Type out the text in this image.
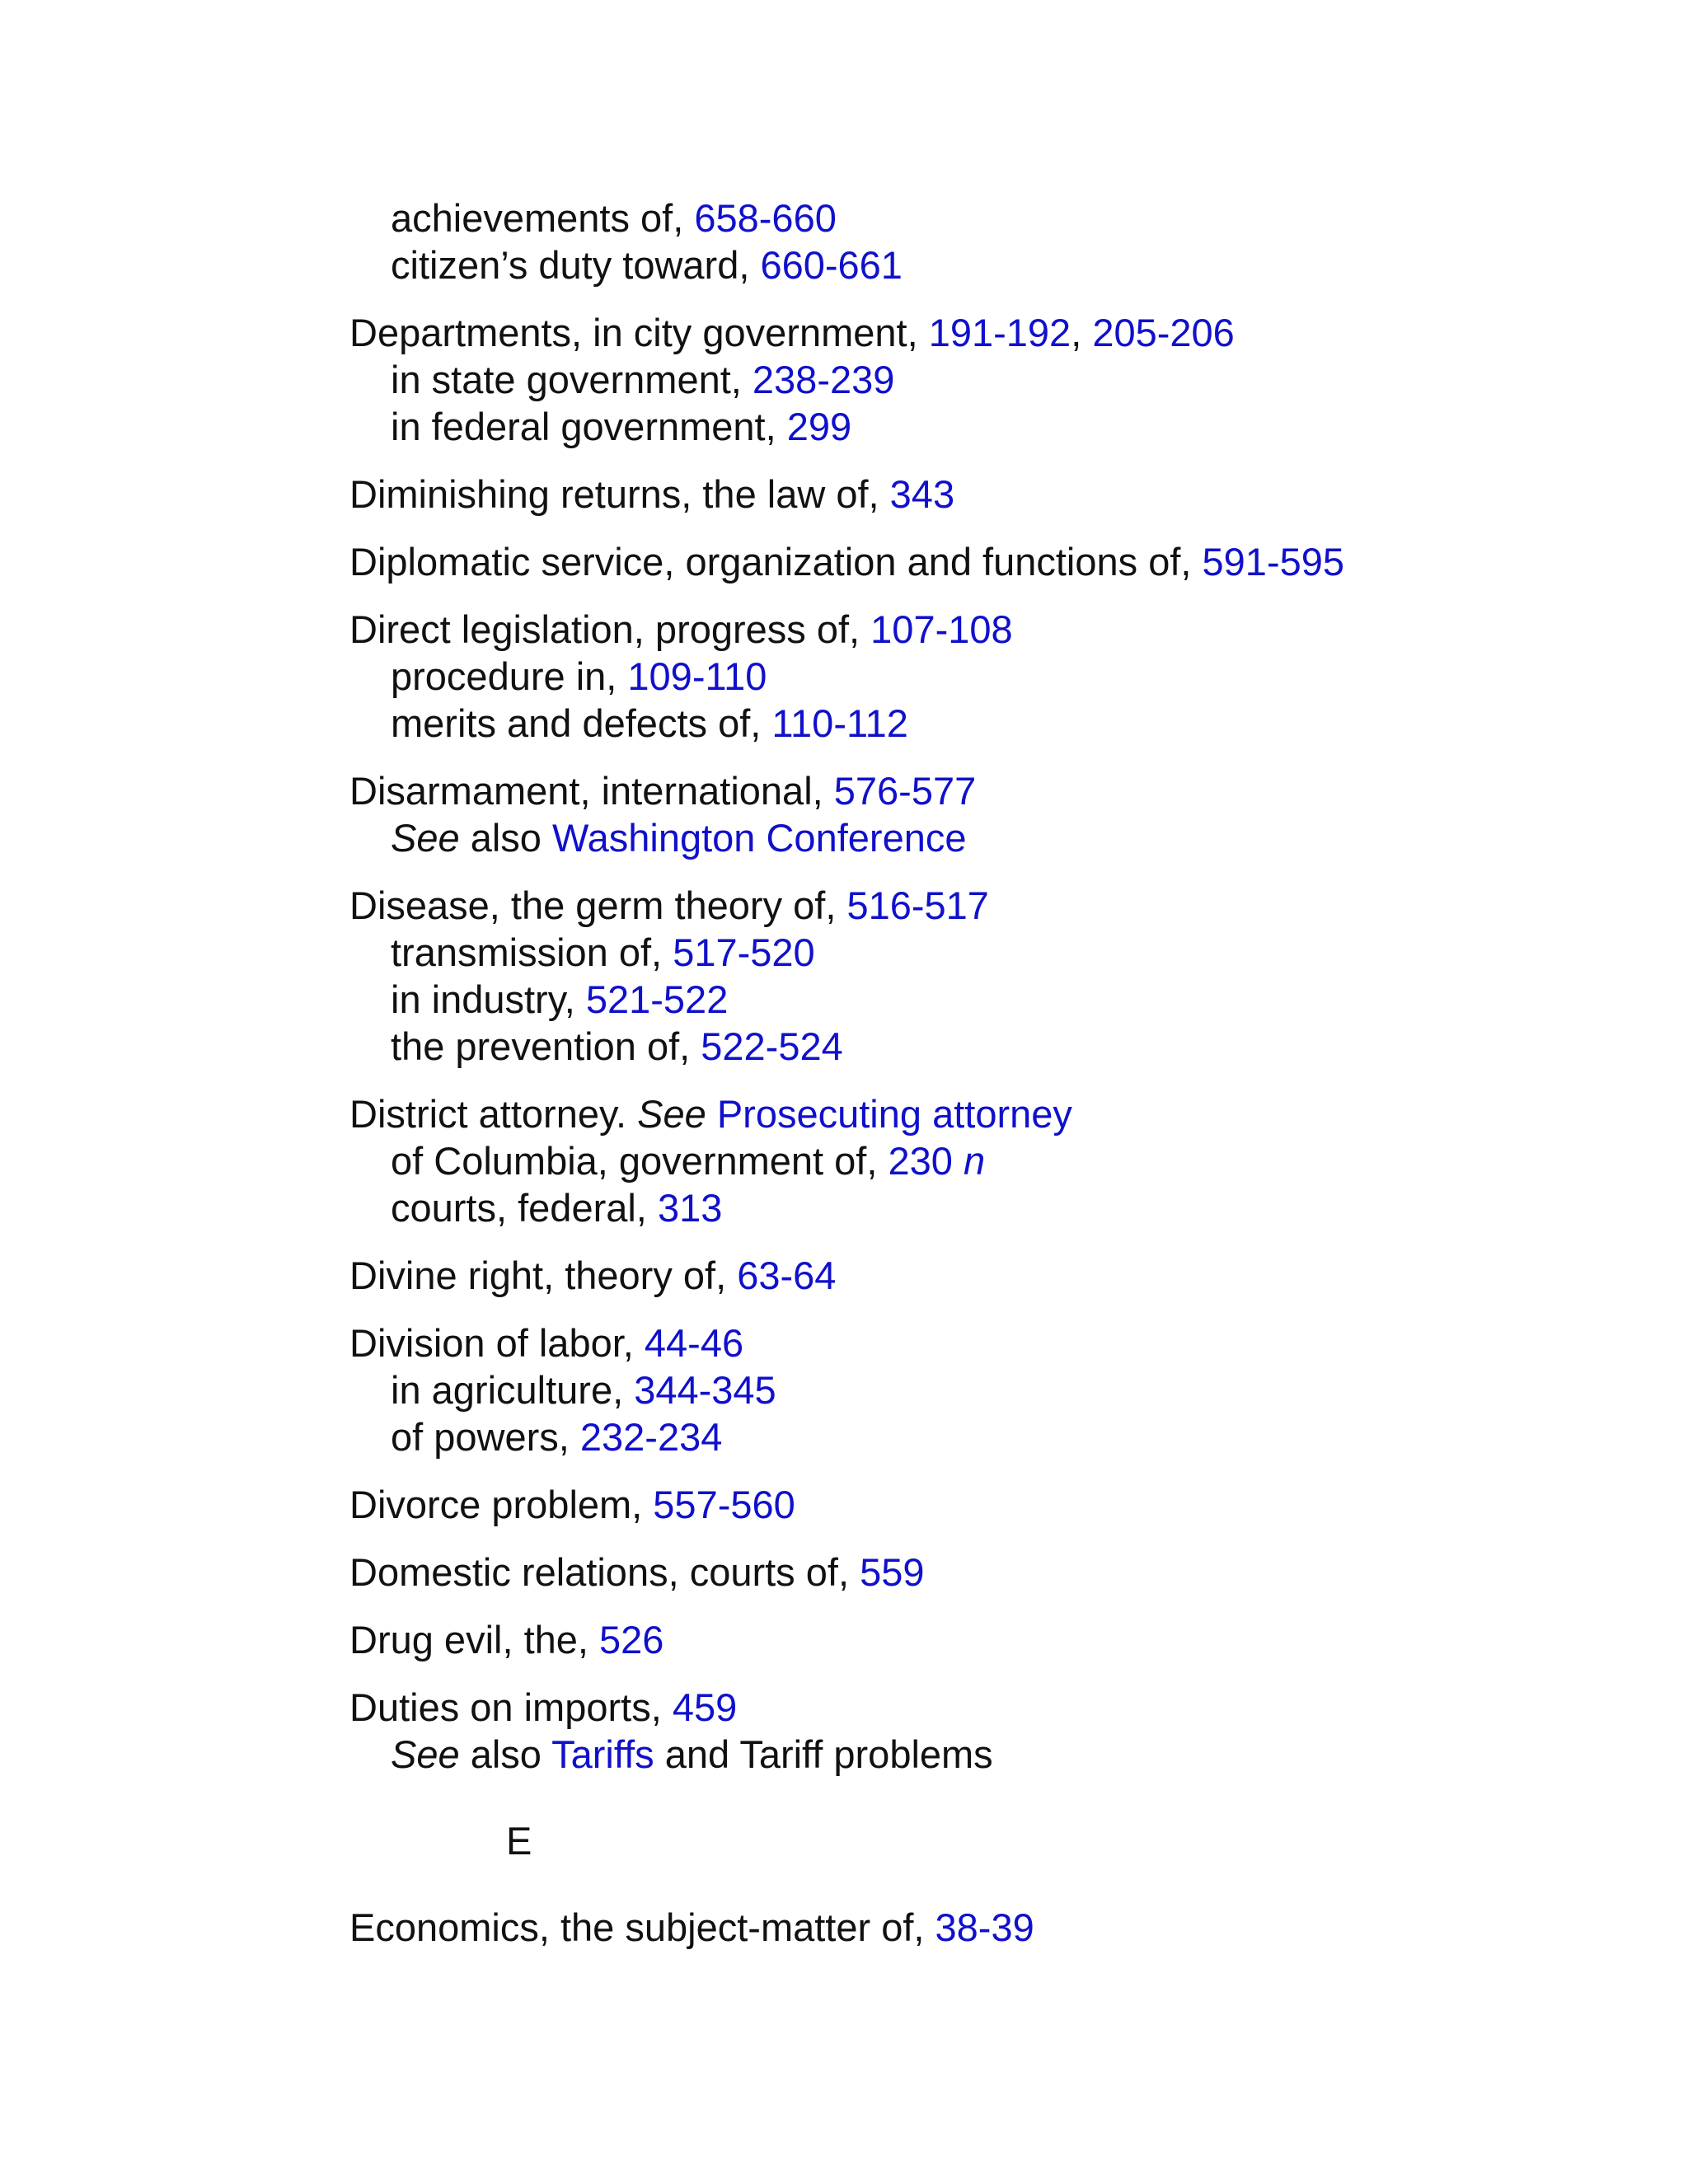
achievements of, 658-660
citizen’s duty toward, 660-661
Departments, in city government, 191-192, 205-206
in state government, 238-239
in federal government, 299
Diminishing returns, the law of, 343
Diplomatic service, organization and functions of, 591-595
Direct legislation, progress of, 107-108
procedure in, 109-110
merits and defects of, 110-112
Disarmament, international, 576-577
See also Washington Conference
Disease, the germ theory of, 516-517
transmission of, 517-520
in industry, 521-522
the prevention of, 522-524
District attorney. See Prosecuting attorney
of Columbia, government of, 230 n
courts, federal, 313
Divine right, theory of, 63-64
Division of labor, 44-46
in agriculture, 344-345
of powers, 232-234
Divorce problem, 557-560
Domestic relations, courts of, 559
Drug evil, the, 526
Duties on imports, 459
See also Tariffs and Tariff problems
E
Economics, the subject-matter of, 38-39
